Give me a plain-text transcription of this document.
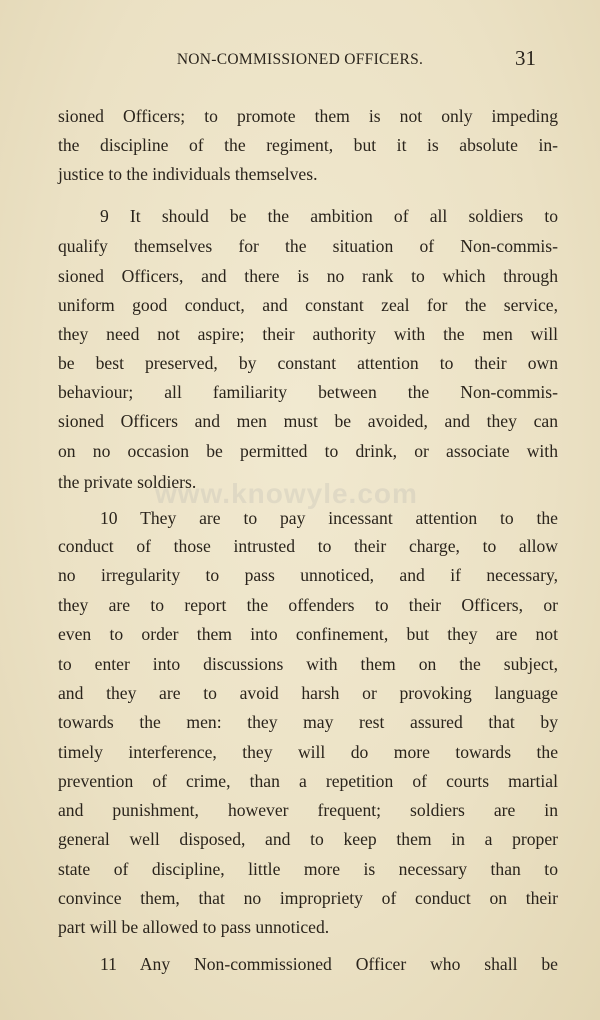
www.knowyle.com
NON-COMMISSIONED OFFICERS.	31
sioned Officers; to promote them is not only impeding
the discipline of the regiment, but it is absolute in-
justice to the individuals themselves.
9 It should be the ambition of all soldiers to
qualify themselves for the situation of Non-commis-
sioned Officers, and there is no rank to which through
uniform good conduct, and constant zeal for the service,
they need not aspire; their authority with the men will
be best preserved, by constant attention to their own
behaviour; all familiarity between the Non-commis-
sioned Officers and men must be avoided, and they can
on no occasion be permitted to drink, or associate with
the private soldiers.
10 They are to pay incessant attention to the
conduct of those intrusted to their charge, to allow
no irregularity to pass unnoticed, and if necessary,
they are to report the offenders to their Officers, or
even to order them into confinement, but they are not
to enter into discussions with them on the subject,
and they are to avoid harsh or provoking language
towards the men: they may rest assured that by
timely interference, they will do more towards the
prevention of crime, than a repetition of courts martial
and punishment, however frequent; soldiers are in
general well disposed, and to keep them in a proper
state of discipline, little more is necessary than to
convince them, that no impropriety of conduct on their
part will be allowed to pass unnoticed.
11 Any Non-commissioned Officer who shall be
